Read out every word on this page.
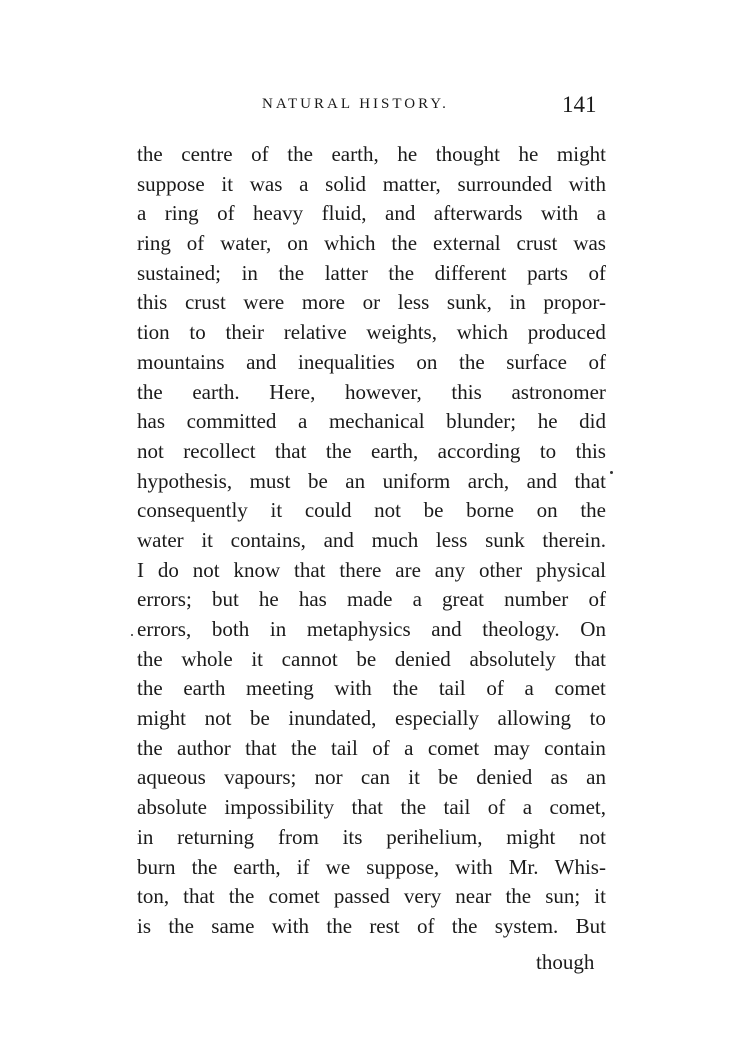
NATURAL HISTORY.	141
the centre of the earth, he thought he might
suppose it was a solid matter, surrounded with
a ring of heavy fluid, and afterwards with a
ring of water, on which the external crust was
sustained; in the latter the different parts of
this crust were more or less sunk, in propor-
tion to their relative weights, which produced
mountains and inequalities on the surface of
the earth. Here, however, this astronomer
has committed a mechanical blunder; he did
not recollect that the earth, according to this
hypothesis, must be an uniform arch, and that
consequently it could not be borne on the
water it contains, and much less sunk therein.
I do not know that there are any other physical
errors; but he has made a great number of
errors, both in metaphysics and theology. On
the whole it cannot be denied absolutely that
the earth meeting with the tail of a comet
might not be inundated, especially allowing to
the author that the tail of a comet may contain
aqueous vapours; nor can it be denied as an
absolute impossibility that the tail of a comet,
in returning from its perihelium, might not
burn the earth, if we suppose, with Mr. Whis-
ton, that the comet passed very near the sun; it
is the same with the rest of the system. But
though
